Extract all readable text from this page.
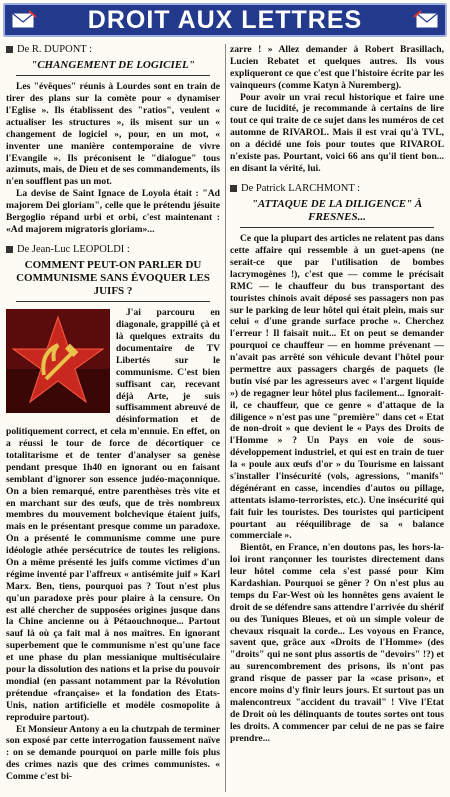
DROIT AUX LETTRES
De R. DUPONT :
"CHANGEMENT DE LOGICIEL"

Les "évêques" réunis à Lourdes sont en train de tirer des plans sur la comète pour « dynamiser l'Eglise ». Ils établissent des "ratios", veulent « actualiser les structures », ils misent sur un « changement de logiciel », pour, en un mot, « inventer une manière contemporaine de vivre l'Evangile ». Ils préconisent le "dialogue" tous azimuts, mais, de Dieu et de ses commandements, ils n'en soufflent pas un mot.

La devise de Saint Ignace de Loyola était : "Ad majorem Dei gloriam", celle que le prétendu jésuite Bergoglio répand urbi et orbi, c'est maintenant : «Ad majorem migratoris gloriam»...

De Jean-Luc LEOPOLDI :
COMMENT PEUT-ON PARLER DU COMMUNISME SANS ÉVOQUER LES JUIFS ?

J'ai parcouru en diagonale, grappillé çà et là quelques extraits du documentaire de TV Libertés sur le communisme. C'est bien suffisant car, recevant déjà Arte, je suis suffisamment abreuvé de désinformation et de politiquement correct, et cela m'ennuie. En effet, on a réussi le tour de force de décortiquer ce totalitarisme et de tenter d'analyser sa genèse pendant presque 1h40 en ignorant ou en faisant semblant d'ignorer son essence judéo-maçonnique. On a bien remarqué, entre parenthèses très vite et en marchant sur des œufs, que de très nombreux membres du mouvement bolchevique étaient juifs, mais en le présentant presque comme un paradoxe. On a présenté le communisme comme une pure idéologie athée persécutrice de toutes les religions. On a même présenté les juifs comme victimes d'un régime inventé par l'affreux « antisémite juif » Karl Marx. Ben, tiens, pourquoi pas ? Tout n'est plus qu'un paradoxe près pour plaire à la censure. On est allé chercher de supposées origines jusque dans la Chine ancienne ou à Pétaouchnoque... Partout sauf là où ça fait mal à nos maîtres. En ignorant superbement que le communisme n'est qu'une face et une phase du plan messianique multiséculaire pour la dissolution des nations et la prise du pouvoir mondial (en passant notamment par la Révolution prétendue «française» et la fondation des Etats-Unis, nation artificielle et modèle cosmopolite à reproduire partout).

Et Monsieur Antony a eu la chutzpah de terminer son exposé par cette interrogation faussement naïve : on se demande pourquoi on parle mille fois plus des crimes nazis que des crimes communistes. « Comme c'est bi-

zarre ! » Allez demander à Robert Brasillach, Lucien Rebatet et quelques autres. Ils vous expliqueront ce que c'est que l'histoire écrite par les vainqueurs (comme Katyn à Nuremberg).

Pour avoir un vrai recul historique et faire une cure de lucidité, je recommande à certains de lire tout ce qui traite de ce sujet dans les numéros de cet automne de RIVAROL. Mais il est vrai qu'à TVL, on a décidé une fois pour toutes que RIVAROL n'existe pas. Pourtant, voici 66 ans qu'il tient bon... en disant la vérité, lui.

De Patrick LARCHMONT :
"ATTAQUE DE LA DILIGENCE" À FRESNES...

Ce que la plupart des articles ne relatent pas dans cette affaire qui ressemble à un guet-apens (ne serait-ce que par l'utilisation de bombes lacrymogènes !), c'est que — comme le précisait RMC — le chauffeur du bus transportant des touristes chinois avait déposé ses passagers non pas sur le parking de leur hôtel qui était plein, mais sur celui « d'une grande surface proche ». Cherchez l'erreur ! Il faisait nuit... Et on peut se demander pourquoi ce chauffeur — en homme prévenant — n'avait pas arrêté son véhicule devant l'hôtel pour permettre aux passagers chargés de paquets (le butin visé par les agresseurs avec « l'argent liquide ») de regagner leur hôtel plus facilement... Ignorait-il, ce chauffeur, que ce genre « d'attaque de la diligence » n'est pas une "première" dans cet « Etat de non-droit » que devient le « Pays des Droits de l'Homme » ? Un Pays en voie de sous-développement industriel, et qui est en train de tuer la « poule aux œufs d'or » du Tourisme en laissant s'installer l'insécurité (vols, agressions, "manifs" dégénérant en casse, incendies d'autos ou pillage, attentats islamo-terroristes, etc.). Une insécurité qui fait fuir les touristes. Des touristes qui participent pourtant au rééquilibrage de sa « balance commerciale ».

Bientôt, en France, n'en doutons pas, les hors-la-loi iront rançonner les touristes directement dans leur hôtel comme cela s'est passé pour Kim Kardashian. Pourquoi se gêner ? On n'est plus au temps du Far-West où les honnêtes gens avaient le droit de se défendre sans attendre l'arrivée du shérif ou des Tuniques Bleues, et où un simple voleur de chevaux risquait la corde... Les voyous en France, savent que, grâce aux «Droits de l'Homme» (des "droits" qui ne sont plus assortis de "devoirs" !?) et au surencombrement des prisons, ils n'ont pas grand risque de passer par la «case prison», et encore moins d'y finir leurs jours. Et surtout pas un malencontreux "accident du travail" ! Vive l'Etat de Droit où les délinquants de toutes sortes ont tous les droits. A commencer par celui de ne pas se faire prendre...
